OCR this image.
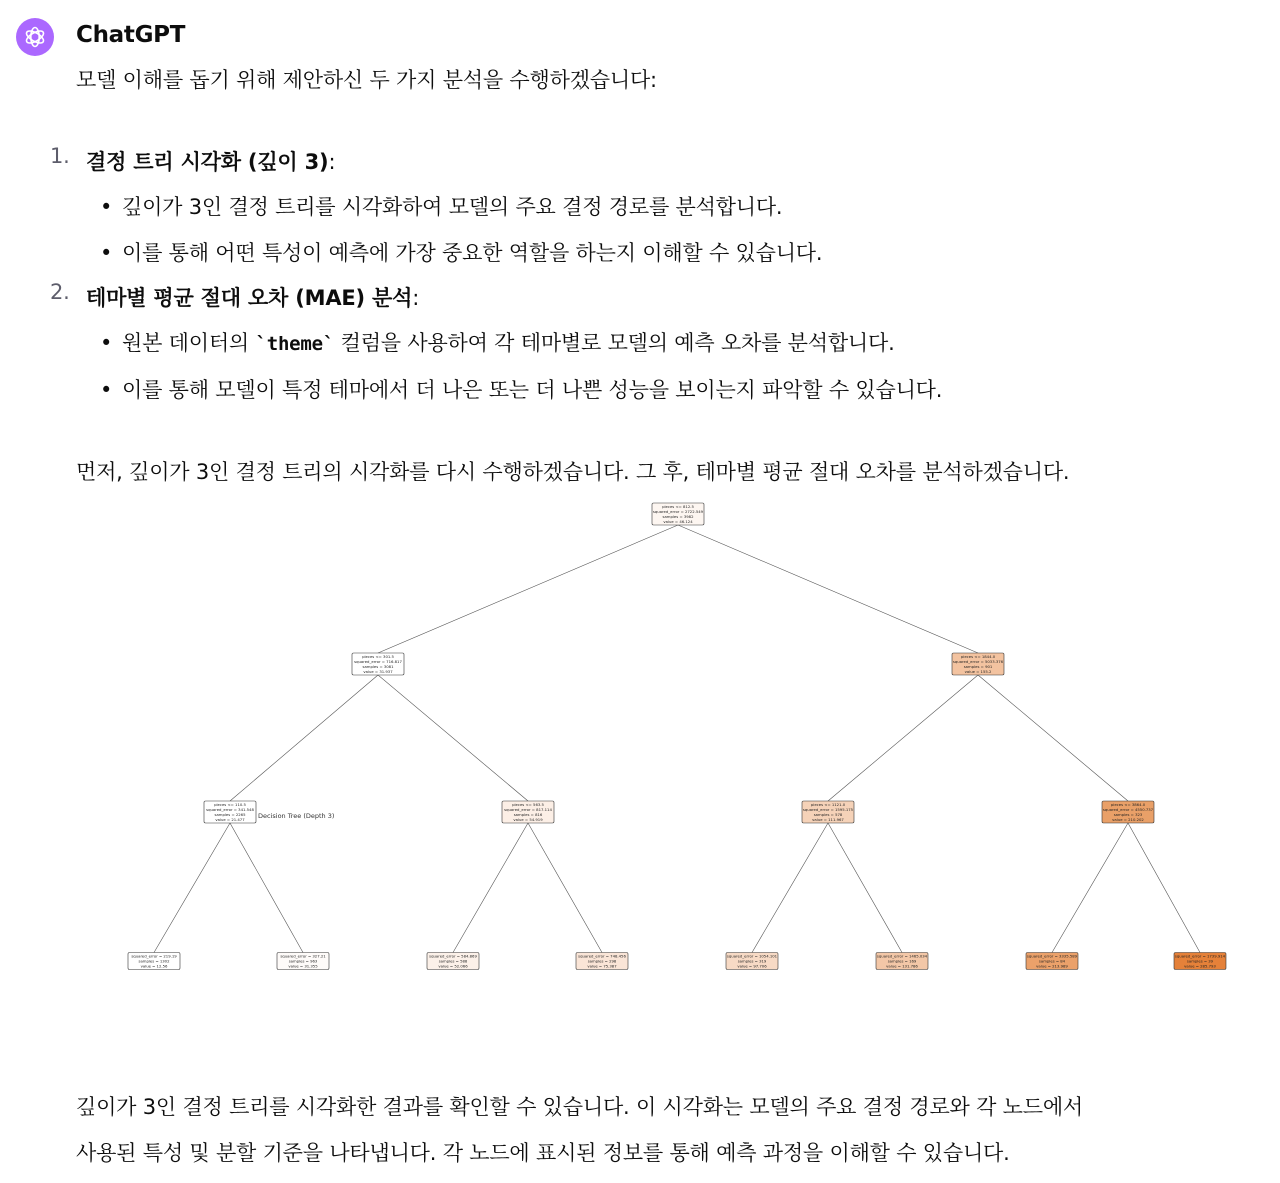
ChatGPT

모델 이해를 돕기 위해 제안하신 두 가지 분석을 수행하겠습니다:

1. 결정 트리 시각화 (깊이 3):
• 깊이가 3인 결정 트리를 시각화하여 모델의 주요 결정 경로를 분석합니다.
• 이를 통해 어떤 특성이 예측에 가장 중요한 역할을 하는지 이해할 수 있습니다.
2. 테마별 평균 절대 오차 (MAE) 분석:
• 원본 데이터의 `theme` 컬럼을 사용하여 각 테마별로 모델의 예측 오차를 분석합니다.
• 이를 통해 모델이 특정 테마에서 더 나은 또는 더 나쁜 성능을 보이는지 파악할 수 있습니다.

먼저, 깊이가 3인 결정 트리의 시각화를 다시 수행하겠습니다. 그 후, 테마별 평균 절대 오차를 분석하겠습니다.

pieces <= 812.5
squared_error = 2722.549
samples = 3982
value = 46.124
pieces <= 301.5
squared_error = 716.817
samples = 3081
value = 31.937
pieces <= 1844.0
squared_error = 5033.376
samples = 901
value = 155.2
pieces <= 110.5
squared_error = 341.548
samples = 2265
value = 21.477
pieces <= 563.5
squared_error = 817.114
samples = 816
value = 54.919
pieces <= 1121.0
squared_error = 1595.175
samples = 578
value = 111.967
pieces <= 3864.0
squared_error = 4550.737
samples = 323
value = 210.202
squared_error = 219.19
samples = 1302
value = 12.56
squared_error = 327.21
samples = 963
value = 31.355
squared_error = 584.869
samples = 588
value = 52.066
squared_error = 748.456
samples = 298
value = 75.387
squared_error = 1054.101
samples = 319
value = 97.706
squared_error = 1465.034
samples = 169
value = 131.786
squared_error = 3335.589
samples = 84
value = 213.989
squared_error = 1739.914
samples = 39
value = 285.793
Decision Tree (Depth 3)
깊이가 3인 결정 트리를 시각화한 결과를 확인할 수 있습니다. 이 시각화는 모델의 주요 결정 경로와 각 노드에서
사용된 특성 및 분할 기준을 나타냅니다. 각 노드에 표시된 정보를 통해 예측 과정을 이해할 수 있습니다.
